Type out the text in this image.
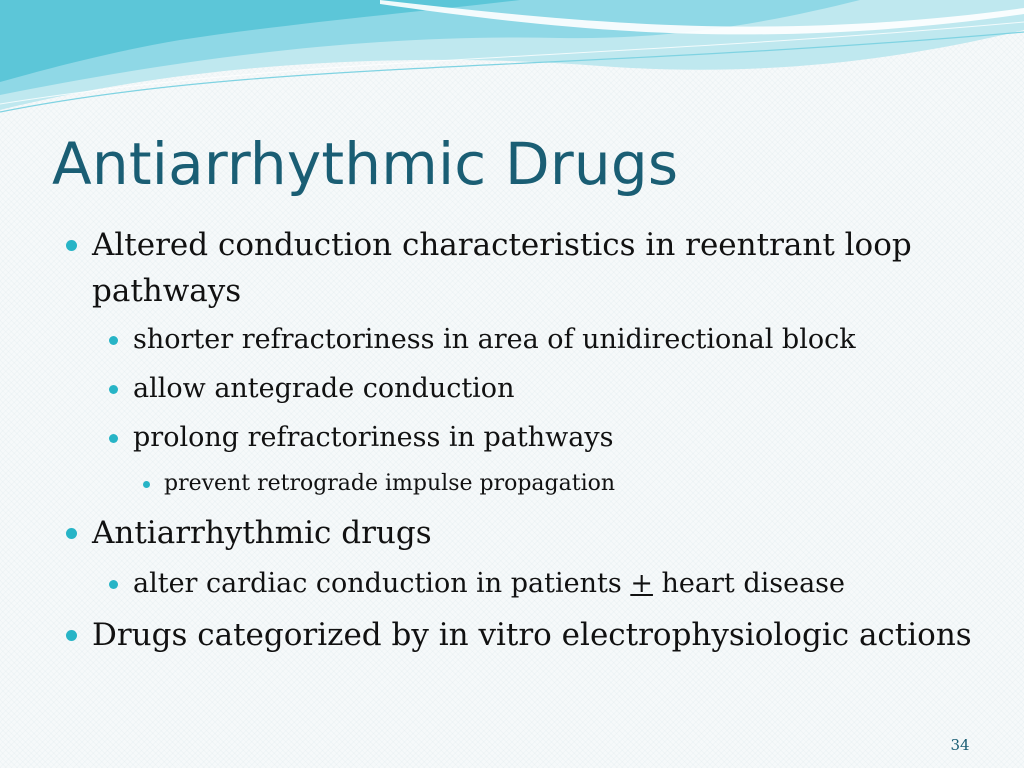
Antiarrhythmic Drugs
Altered conduction characteristics in reentrant loop
pathways
shorter refractoriness in area of unidirectional block
allow antegrade conduction
prolong refractoriness in pathways
prevent retrograde impulse propagation
Antiarrhythmic drugs
alter cardiac conduction in patients + heart disease
Drugs categorized by in vitro electrophysiologic actions
34
